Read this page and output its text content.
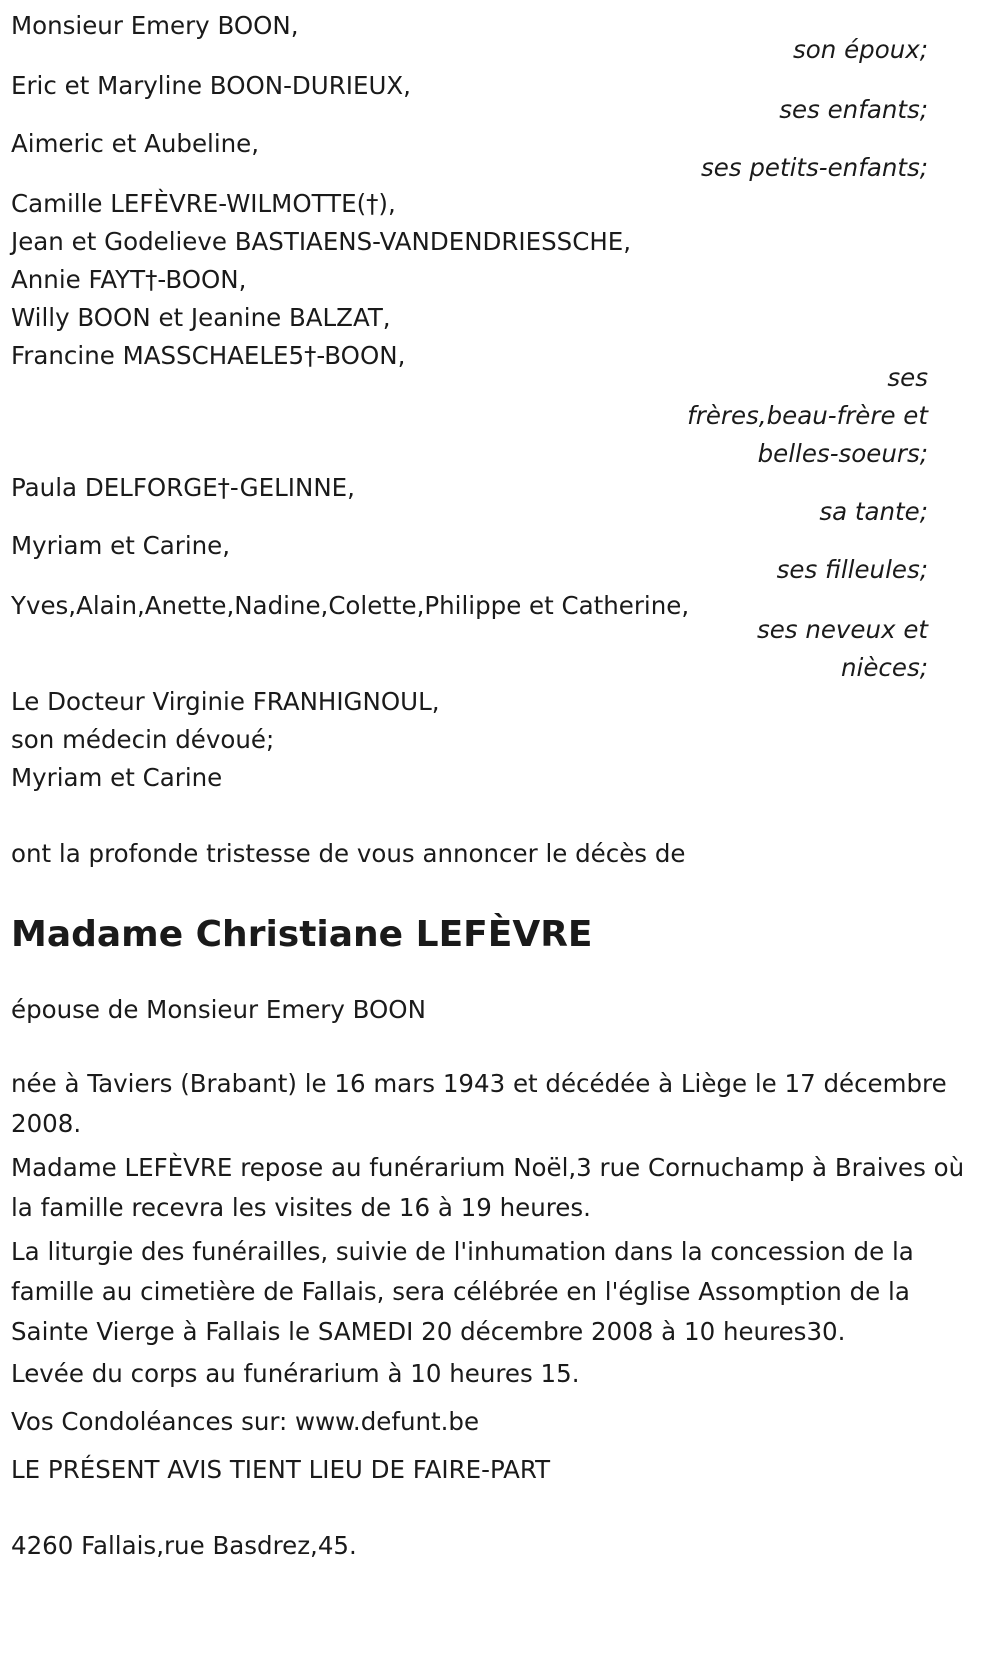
Monsieur Emery BOON,
son époux;
Eric et Maryline BOON-DURIEUX,
ses enfants;
Aimeric et Aubeline,
ses petits-enfants;
Camille LEFÈVRE-WILMOTTE(†),
Jean et Godelieve BASTIAENS-VANDENDRIESSCHE,
Annie FAYT†-BOON,
Willy BOON et Jeanine BALZAT,
Francine MASSCHAELE5†-BOON,
ses
frères,beau-frère et
belles-soeurs;
Paula DELFORGE†-GELINNE,
sa tante;
Myriam et Carine,
ses filleules;
Yves,Alain,Anette,Nadine,Colette,Philippe et Catherine,
ses neveux et
nièces;
Le Docteur Virginie FRANHIGNOUL,
son médecin dévoué;
Myriam et Carine
ont la profonde tristesse de vous annoncer le décès de
Madame Christiane LEFÈVRE
épouse de Monsieur Emery BOON
née à Taviers (Brabant) le 16 mars 1943 et décédée à Liège le 17 décembre 2008.
Madame LEFÈVRE repose au funérarium Noël,3 rue Cornuchamp à Braives où la famille recevra les visites de 16 à 19 heures.
La liturgie des funérailles, suivie de l'inhumation dans la concession de la famille au cimetière de Fallais, sera célébrée en l'église Assomption de la Sainte Vierge à Fallais le SAMEDI 20 décembre 2008 à 10 heures30.
Levée du corps au funérarium à 10 heures 15.
Vos Condoléances sur: www.defunt.be
LE PRÉSENT AVIS TIENT LIEU DE FAIRE-PART
4260 Fallais,rue Basdrez,45.
